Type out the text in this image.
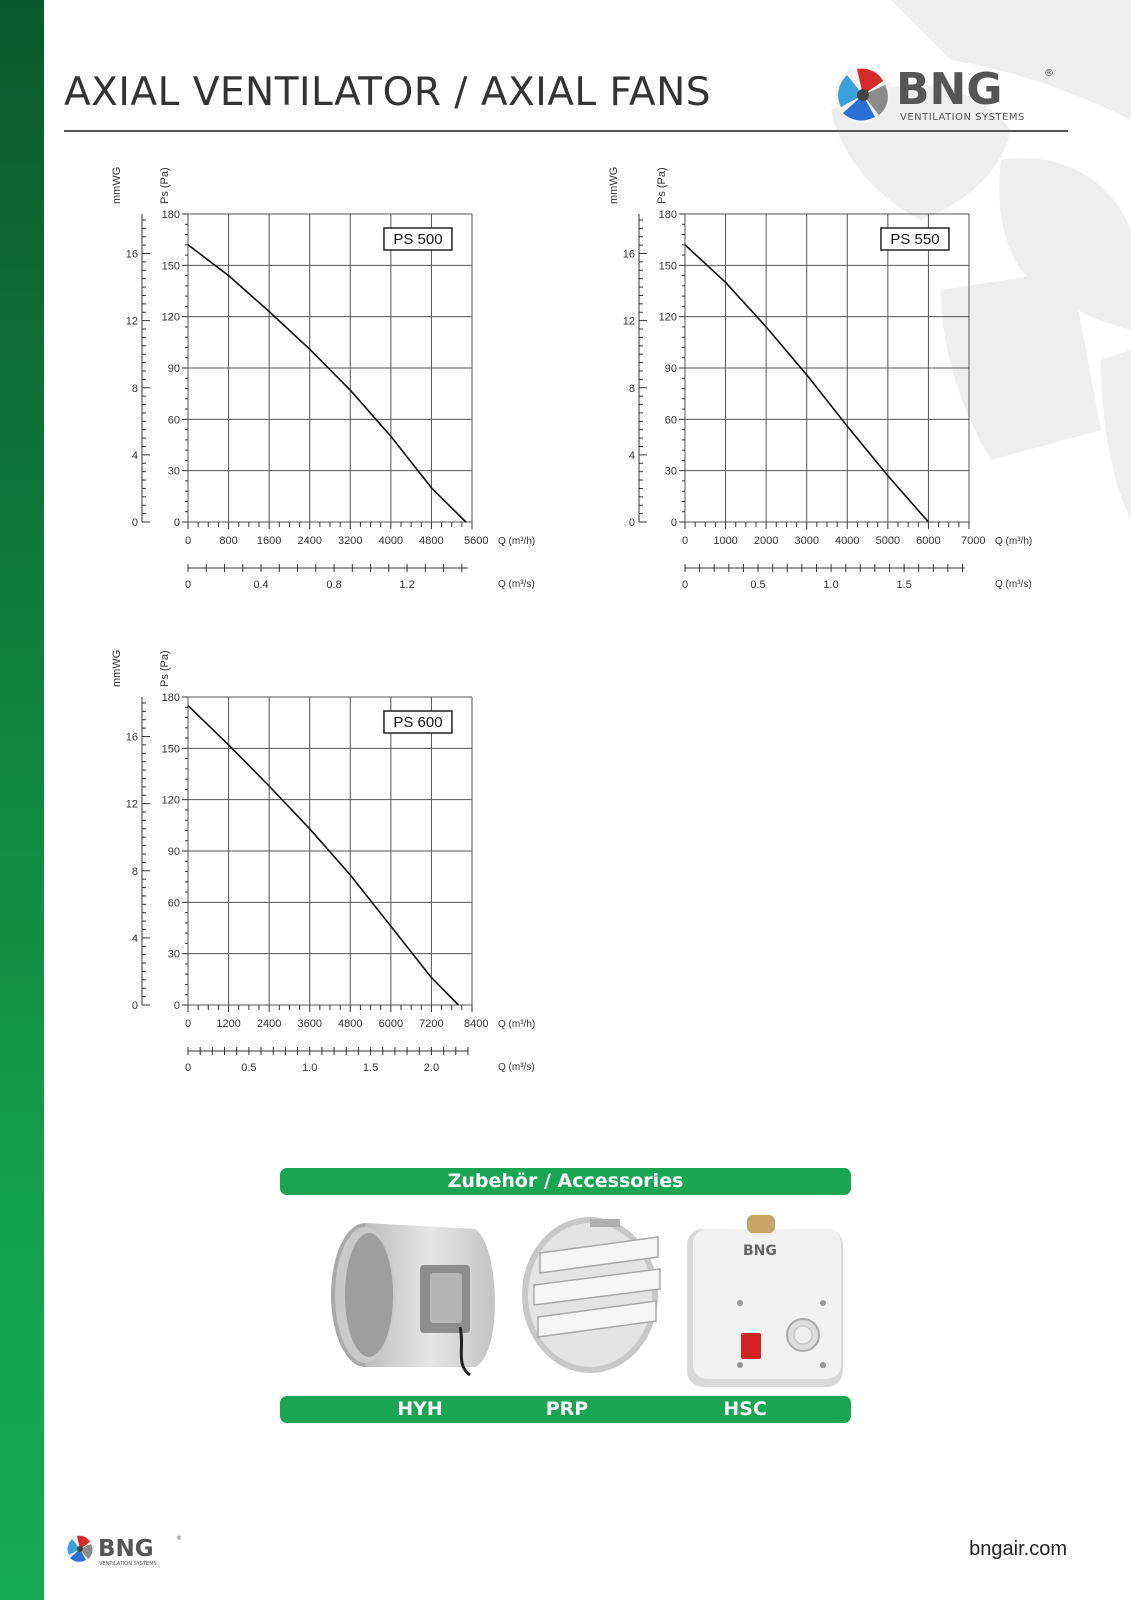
AXIAL VENTILATOR / AXIAL FANS	BNG	®
VENTILATION SYSTEMS
0
30
60
90
120
150
180
0
4
8
12
16
mmWG	Ps (Pa)
0	800 1600 2400 3200 4000 4800 5600 Q (m³/h)
0	0.4	0.8	1.2	Q (m³/s)
PS 500
0
30
60
90
120
150
180
0
4
8
12
16
mmWG	Ps (Pa)
0 1000 2000 3000 4000 5000 6000 7000 Q (m³/h)
0	0.5	1.0	1.5	Q (m³/s)
PS 550
0
30
60
90
120
150
180
0
4
8
12
16
mmWG	Ps (Pa)
0 1200 2400 3600 4800 6000 7200 8400 Q (m³/h)
0	0.5	1.0	1.5	2.0	Q (m³/s)
PS 600
Zubehör / Accessories
BNG
HYH	PRP	HSC
BNG	®
VENTILATION SYSTEMS
bngair.com
